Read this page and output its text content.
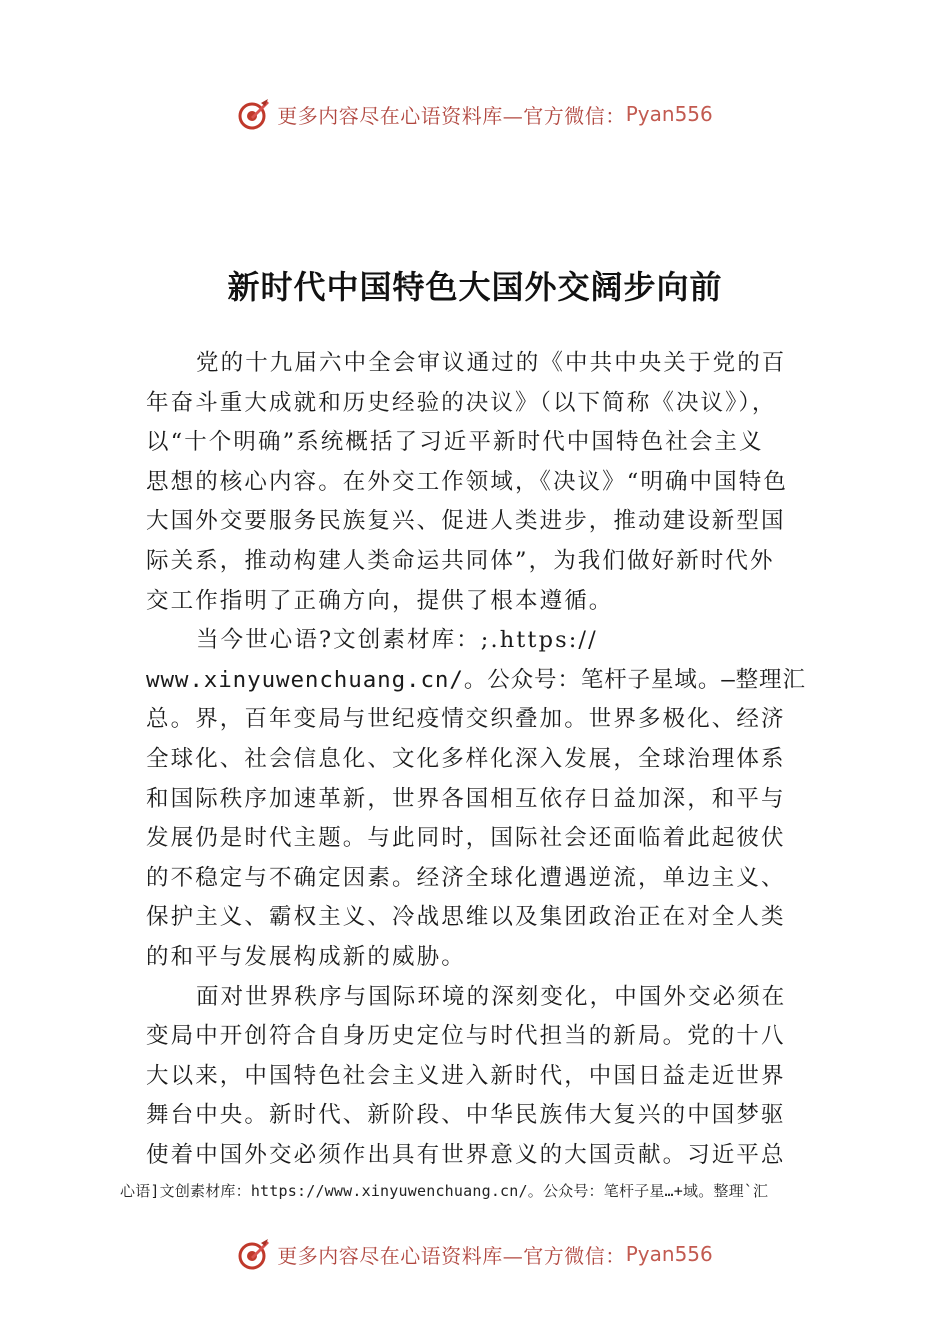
更多内容尽在心语资料库—官方微信： Pyan556
新时代中国特色大国外交阔步向前
党的十九届六中全会审议通过的《中共中央关于党的百
年奋斗重大成就和历史经验的决议》（以下简称《决议》），
以“十个明确”系统概括了习近平新时代中国特色社会主义
思想的核心内容。在外交工作领域，《决议》“明确中国特色
大国外交要服务民族复兴、促进人类进步，推动建设新型国
际关系，推动构建人类命运共同体”，为我们做好新时代外
交工作指明了正确方向，提供了根本遵循。
当今世心语?文创素材库：;.https://
www.xinyuwenchuang.cn/。公众号：笔杆子星域。—整理汇
总。界，百年变局与世纪疫情交织叠加。世界多极化、经济
全球化、社会信息化、文化多样化深入发展，全球治理体系
和国际秩序加速革新，世界各国相互依存日益加深，和平与
发展仍是时代主题。与此同时，国际社会还面临着此起彼伏
的不稳定与不确定因素。经济全球化遭遇逆流，单边主义、
保护主义、霸权主义、冷战思维以及集团政治正在对全人类
的和平与发展构成新的威胁。
面对世界秩序与国际环境的深刻变化，中国外交必须在
变局中开创符合自身历史定位与时代担当的新局。党的十八
大以来，中国特色社会主义进入新时代，中国日益走近世界
舞台中央。新时代、新阶段、中华民族伟大复兴的中国梦驱
使着中国外交必须作出具有世界意义的大国贡献。习近平总
心语]文创素材库：https://www.xinyuwenchuang.cn/。公众号：笔杆子星…+域。整理`汇
更多内容尽在心语资料库—官方微信： Pyan556
